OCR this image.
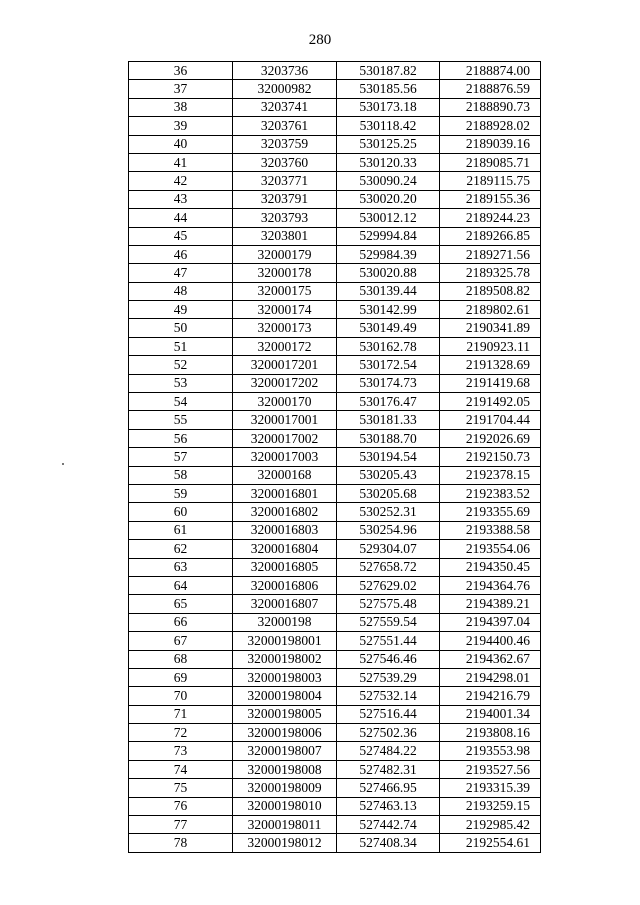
280
36	3203736	530187.82	2188874.00
37	32000982	530185.56	2188876.59
38	3203741	530173.18	2188890.73
39	3203761	530118.42	2188928.02
40	3203759	530125.25	2189039.16
41	3203760	530120.33	2189085.71
42	3203771	530090.24	2189115.75
43	3203791	530020.20	2189155.36
44	3203793	530012.12	2189244.23
45	3203801	529994.84	2189266.85
46	32000179	529984.39	2189271.56
47	32000178	530020.88	2189325.78
48	32000175	530139.44	2189508.82
49	32000174	530142.99	2189802.61
50	32000173	530149.49	2190341.89
51	32000172	530162.78	2190923.11
52	3200017201	530172.54	2191328.69
53	3200017202	530174.73	2191419.68
54	32000170	530176.47	2191492.05
55	3200017001	530181.33	2191704.44
56	3200017002	530188.70	2192026.69
57	3200017003	530194.54	2192150.73
58	32000168	530205.43	2192378.15
59	3200016801	530205.68	2192383.52
60	3200016802	530252.31	2193355.69
61	3200016803	530254.96	2193388.58
62	3200016804	529304.07	2193554.06
63	3200016805	527658.72	2194350.45
64	3200016806	527629.02	2194364.76
65	3200016807	527575.48	2194389.21
66	32000198	527559.54	2194397.04
67	32000198001	527551.44	2194400.46
68	32000198002	527546.46	2194362.67
69	32000198003	527539.29	2194298.01
70	32000198004	527532.14	2194216.79
71	32000198005	527516.44	2194001.34
72	32000198006	527502.36	2193808.16
73	32000198007	527484.22	2193553.98
74	32000198008	527482.31	2193527.56
75	32000198009	527466.95	2193315.39
76	32000198010	527463.13	2193259.15
77	32000198011	527442.74	2192985.42
78	32000198012	527408.34	2192554.61
